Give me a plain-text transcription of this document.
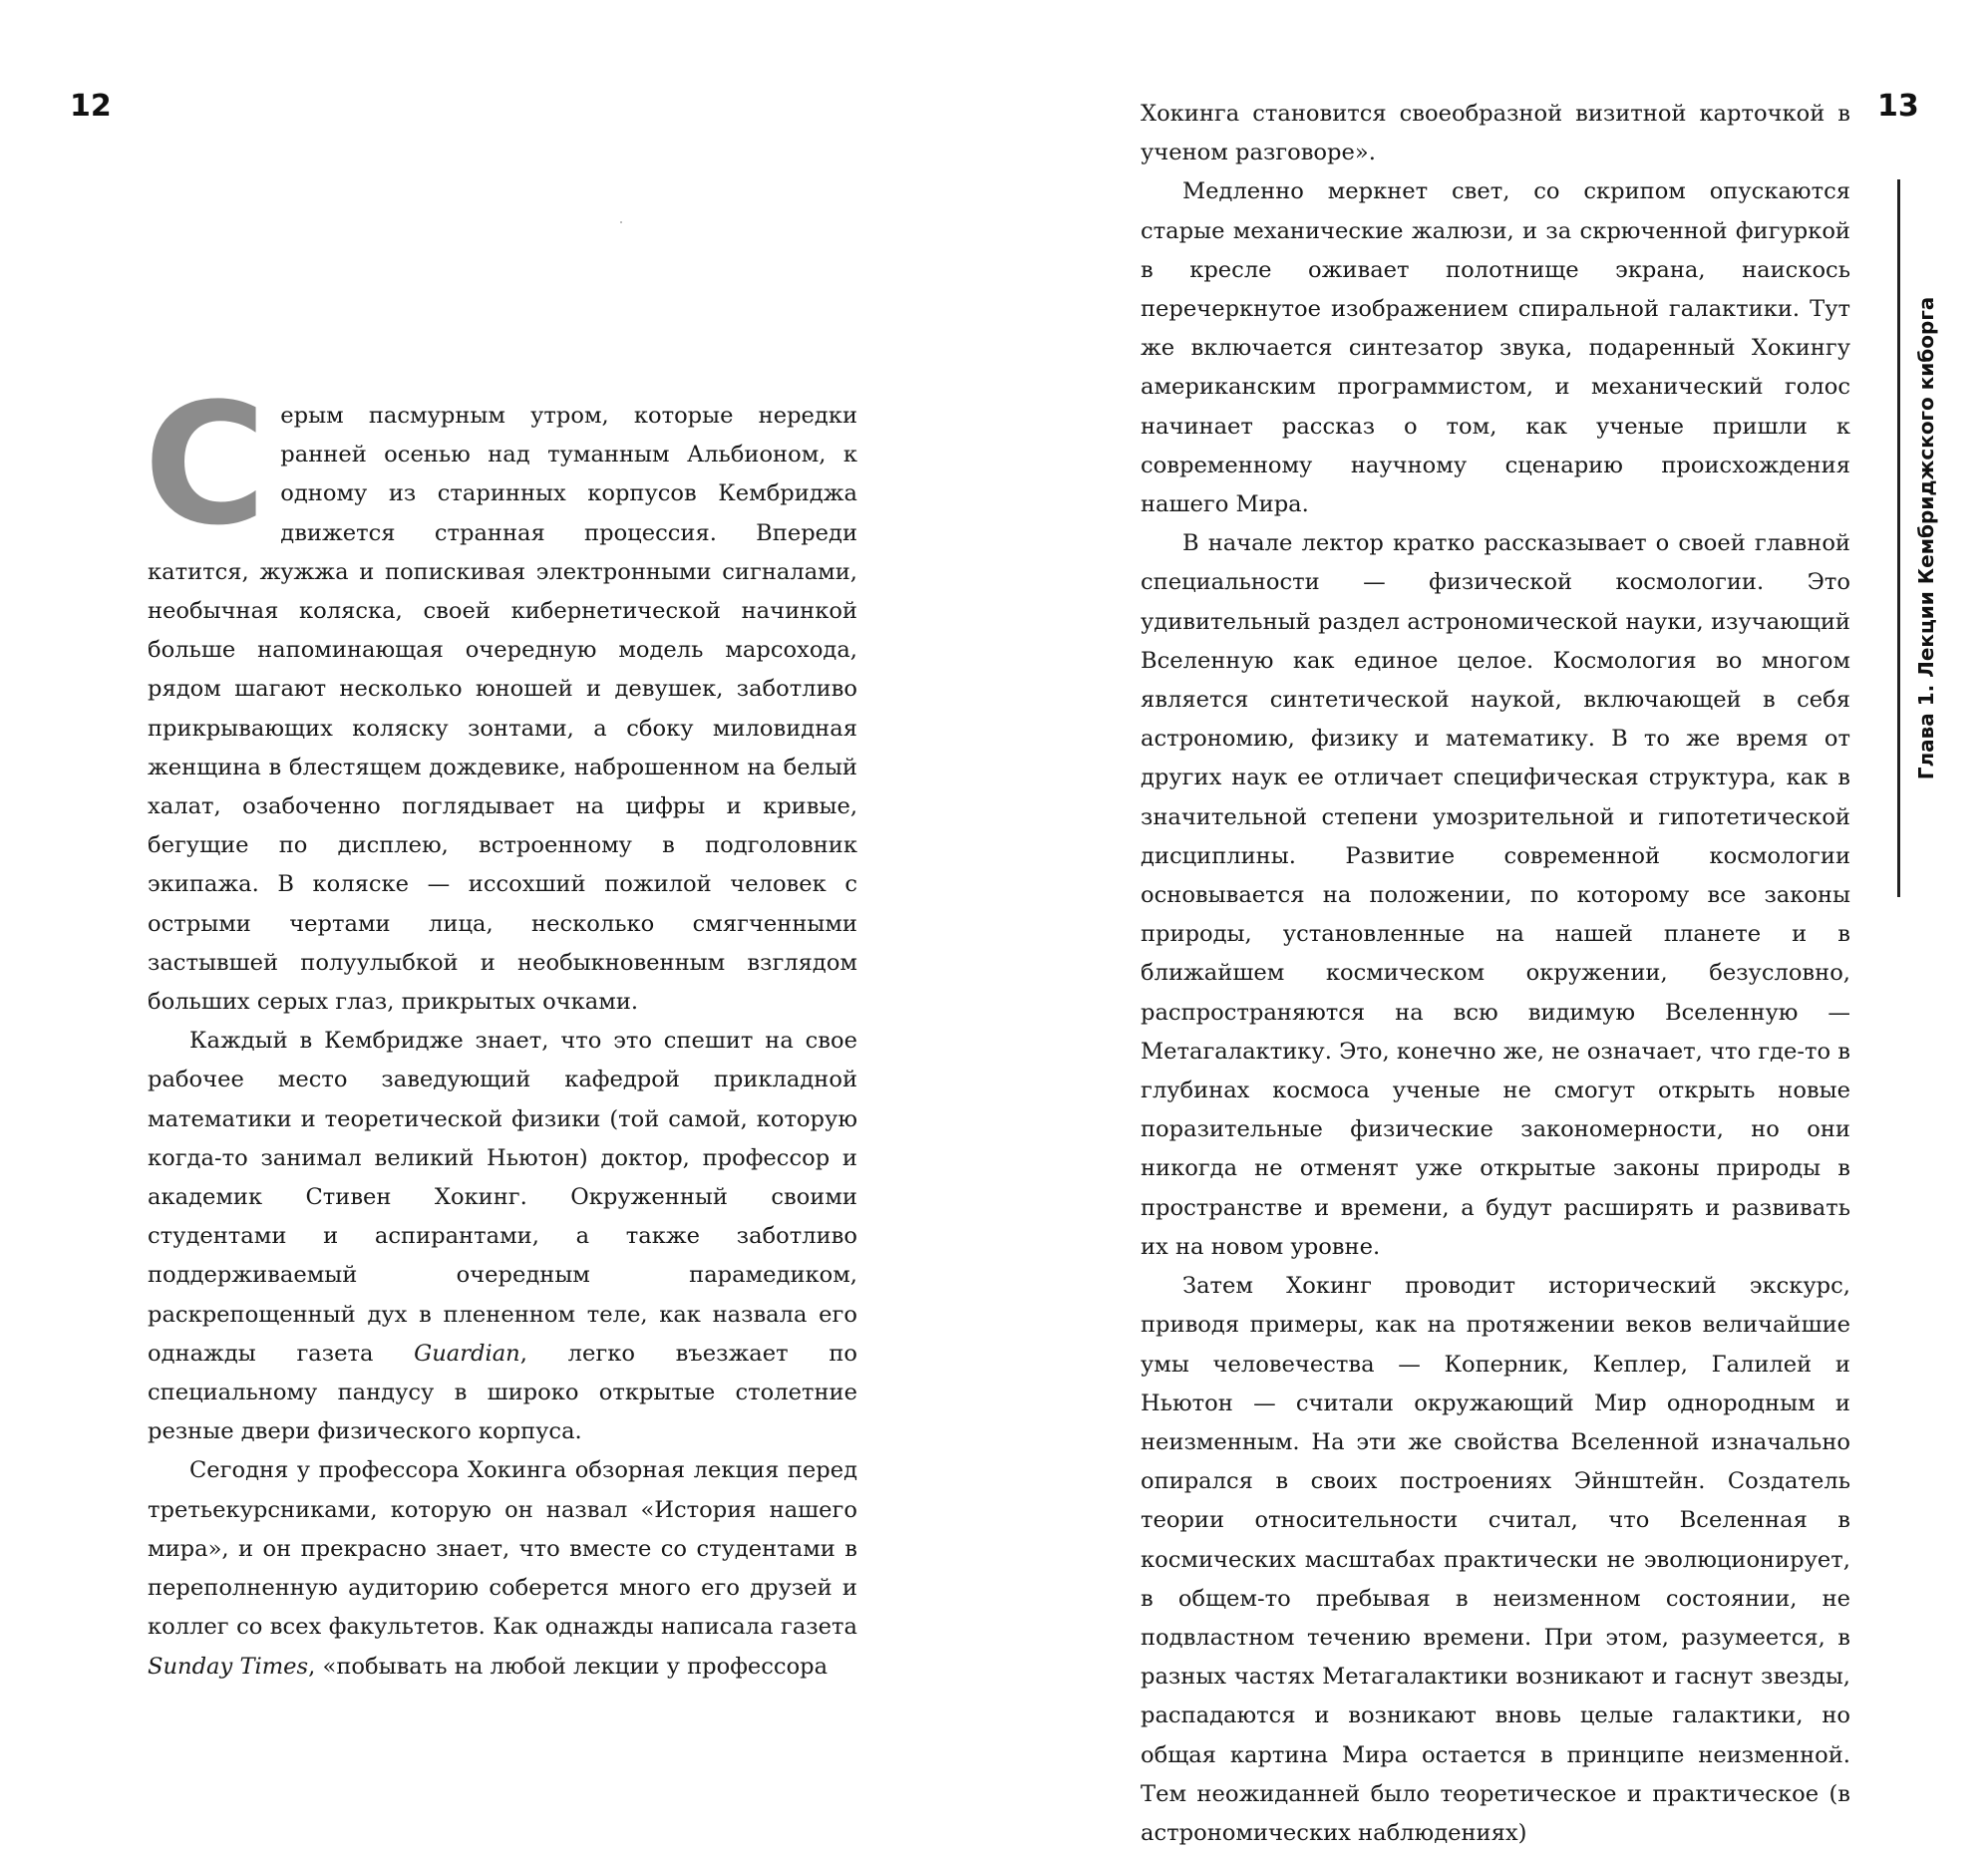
12

С ерым пасмурным утром, которые нередки ранней осенью над туманным Альбионом, к одному из старинных корпусов Кембриджа движется странная процессия. Впереди катится, жужжа и попискивая электронными сигналами, необычная коляска, своей кибернетической начинкой больше напоминающая очередную модель марсохода, рядом шагают несколько юношей и девушек, заботливо прикрывающих коляску зонтами, а сбоку миловидная женщина в блестящем дождевике, наброшенном на белый халат, озабоченно поглядывает на цифры и кривые, бегущие по дисплею, встроенному в подголовник экипажа. В коляске — иссохший пожилой человек с острыми чертами лица, несколько смягченными застывшей полуулыбкой и необыкновенным взглядом больших серых глаз, прикрытых очками.

Каждый в Кембридже знает, что это спешит на свое рабочее место заведующий кафедрой прикладной математики и теоретической физики (той самой, которую когда-то занимал великий Ньютон) доктор, профессор и академик Стивен Хокинг. Окруженный своими студентами и аспирантами, а также заботливо поддерживаемый очередным парамедиком, раскрепощенный дух в плененном теле, как назвала его однажды газета Guardian, легко въезжает по специальному пандусу в широко открытые столетние резные двери физического корпуса.

Сегодня у профессора Хокинга обзорная лекция перед третьекурсниками, которую он назвал «История нашего мира», и он прекрасно знает, что вместе со студентами в переполненную аудиторию соберется много его друзей и коллег со всех факультетов. Как однажды написала газета Sunday Times, «побывать на любой лекции у профессора

Хокинга становится своеобразной визитной карточкой в ученом разговоре».

Медленно меркнет свет, со скрипом опускаются старые механические жалюзи, и за скрюченной фигуркой в кресле оживает полотнище экрана, наискось перечеркнутое изображением спиральной галактики. Тут же включается синтезатор звука, подаренный Хокингу американским программистом, и механический голос начинает рассказ о том, как ученые пришли к современному научному сценарию происхождения нашего Мира.

В начале лектор кратко рассказывает о своей главной специальности — физической космологии. Это удивительный раздел астрономической науки, изучающий Вселенную как единое целое. Космология во многом является синтетической наукой, включающей в себя астрономию, физику и математику. В то же время от других наук ее отличает специфическая структура, как в значительной степени умозрительной и гипотетической дисциплины. Развитие современной космологии основывается на положении, по которому все законы природы, установленные на нашей планете и в ближайшем космическом окружении, безусловно, распространяются на всю видимую Вселенную — Метагалактику. Это, конечно же, не означает, что где-то в глубинах космоса ученые не смогут открыть новые поразительные физические закономерности, но они никогда не отменят уже открытые законы природы в пространстве и времени, а будут расширять и развивать их на новом уровне.

Затем Хокинг проводит исторический экскурс, приводя примеры, как на протяжении веков величайшие умы человечества — Коперник, Кеплер, Галилей и Ньютон — считали окружающий Мир однородным и неизменным. На эти же свойства Вселенной изначально опирался в своих построениях Эйнштейн. Создатель теории относительности считал, что Вселенная в космических масштабах практически не эволюционирует, в общем-то пребывая в неизменном состоянии, не подвластном течению времени. При этом, разумеется, в разных частях Метагалактики возникают и гаснут звезды, распадаются и возникают вновь целые галактики, но общая картина Мира остается в принципе неизменной. Тем неожиданней было теоретическое и практическое (в астрономических наблюдениях)

13
Глава 1. Лекции Кембриджского киборга
